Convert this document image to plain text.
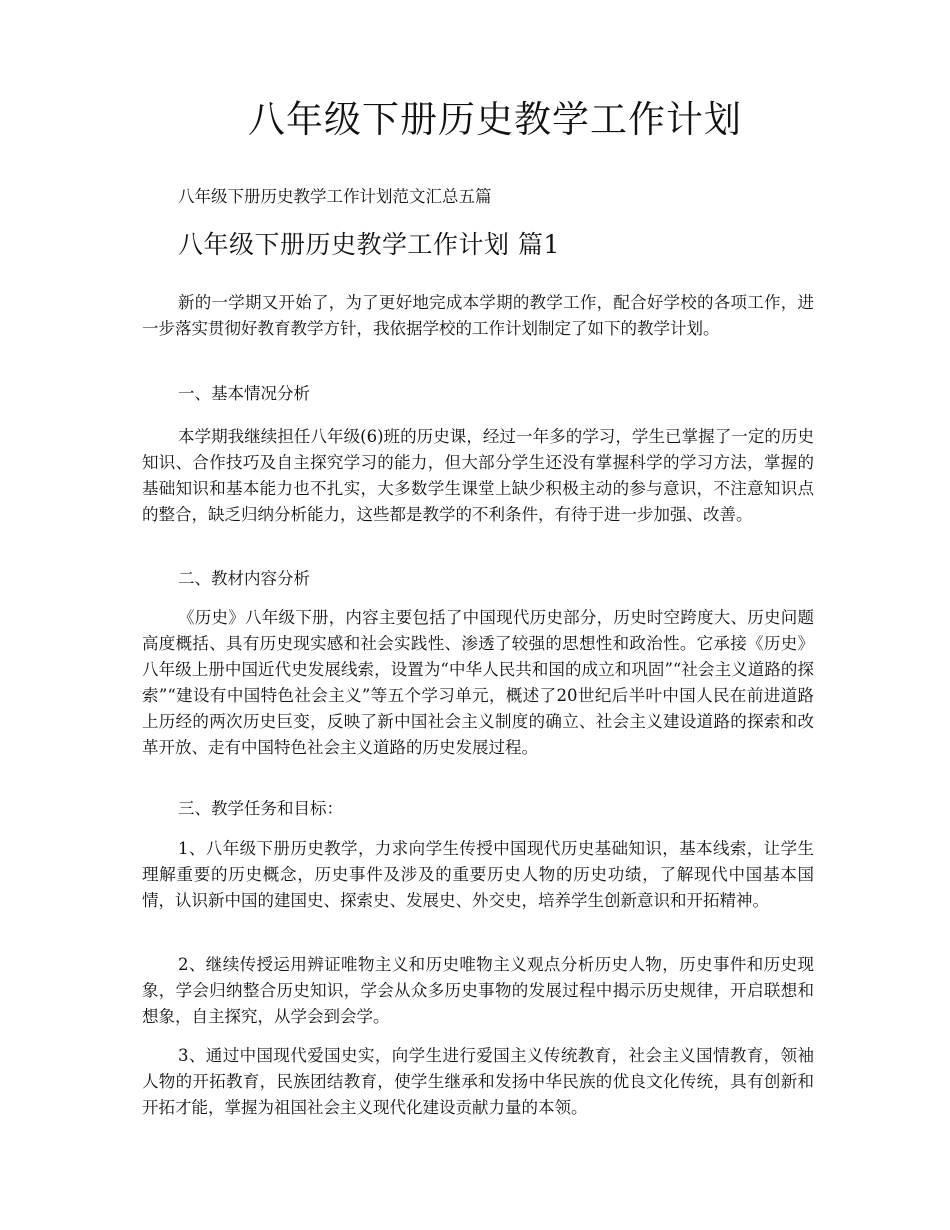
八年级下册历史教学工作计划

八年级下册历史教学工作计划范文汇总五篇

八年级下册历史教学工作计划 篇1

新的一学期又开始了，为了更好地完成本学期的教学工作，配合好学校的各项工作，进一步落实贯彻好教育教学方针，我依据学校的工作计划制定了如下的教学计划。

一、基本情况分析

本学期我继续担任八年级(6)班的历史课，经过一年多的学习，学生已掌握了一定的历史知识、合作技巧及自主探究学习的能力，但大部分学生还没有掌握科学的学习方法，掌握的基础知识和基本能力也不扎实，大多数学生课堂上缺少积极主动的参与意识，不注意知识点的整合，缺乏归纳分析能力，这些都是教学的不利条件，有待于进一步加强、改善。

二、教材内容分析

《历史》八年级下册，内容主要包括了中国现代历史部分，历史时空跨度大、历史问题高度概括、具有历史现实感和社会实践性、渗透了较强的思想性和政治性。它承接《历史》八年级上册中国近代史发展线索，设置为“中华人民共和国的成立和巩固”“社会主义道路的探索”“建设有中国特色社会主义”等五个学习单元，概述了20世纪后半叶中国人民在前进道路上历经的两次历史巨变，反映了新中国社会主义制度的确立、社会主义建设道路的探索和改革开放、走有中国特色社会主义道路的历史发展过程。

三、教学任务和目标：

1、八年级下册历史教学，力求向学生传授中国现代历史基础知识，基本线索，让学生理解重要的历史概念，历史事件及涉及的重要历史人物的历史功绩，了解现代中国基本国情，认识新中国的建国史、探索史、发展史、外交史，培养学生创新意识和开拓精神。

2、继续传授运用辨证唯物主义和历史唯物主义观点分析历史人物，历史事件和历史现象，学会归纳整合历史知识，学会从众多历史事物的发展过程中揭示历史规律，开启联想和想象，自主探究，从学会到会学。

3、通过中国现代爱国史实，向学生进行爱国主义传统教育，社会主义国情教育，领袖人物的开拓教育，民族团结教育，使学生继承和发扬中华民族的优良文化传统，具有创新和开拓才能，掌握为祖国社会主义现代化建设贡献力量的本领。
